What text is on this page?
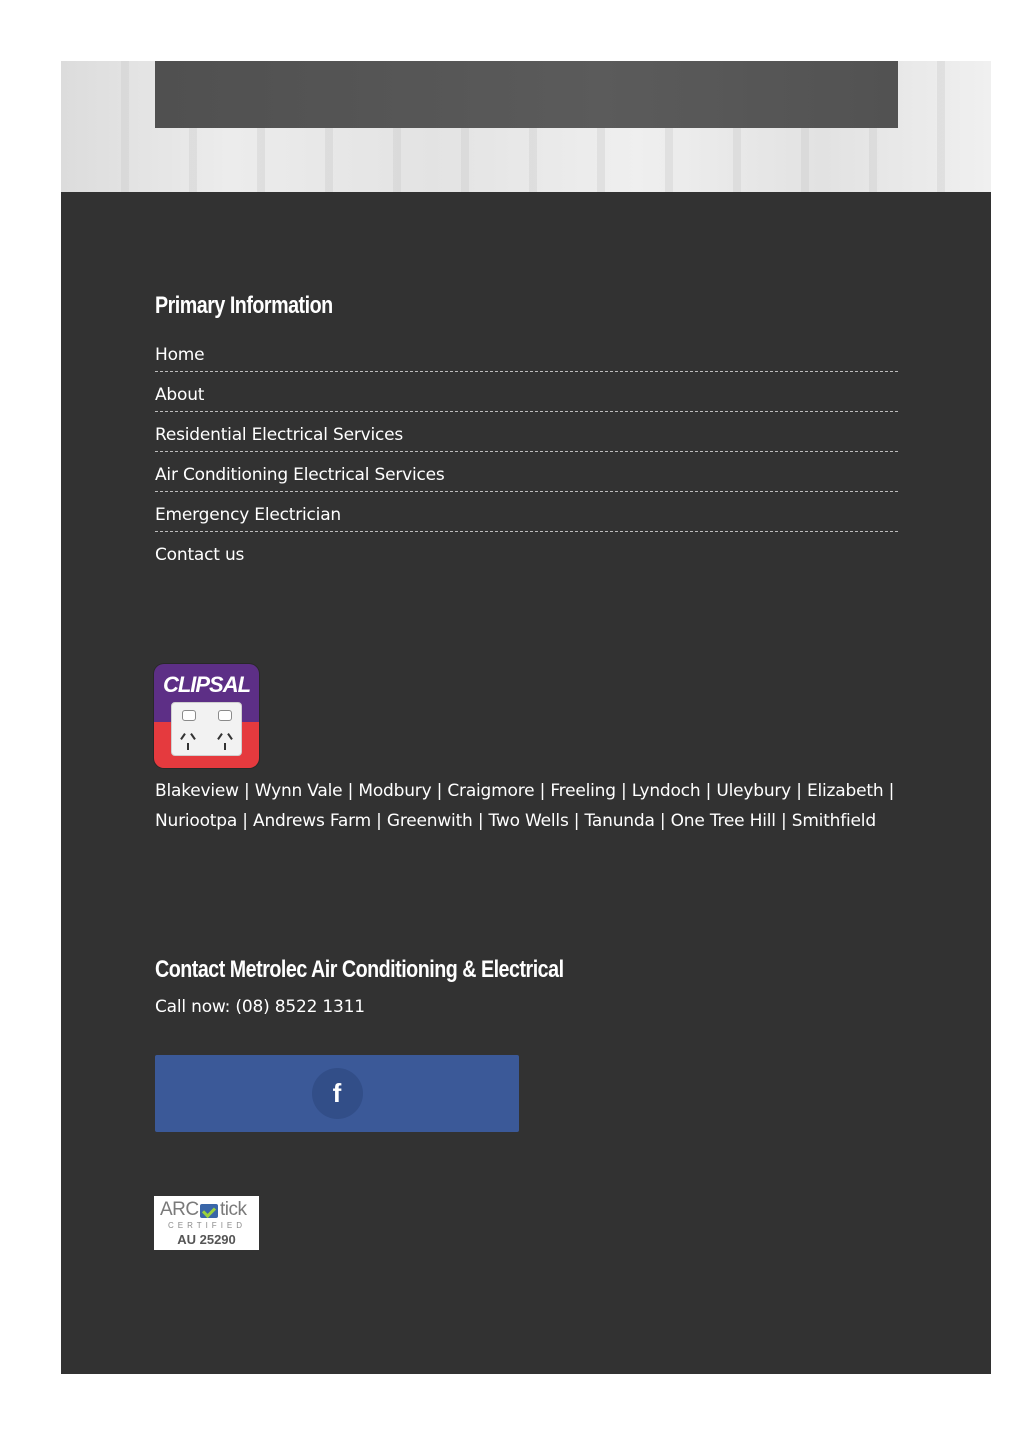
Primary Information
Home
About
Residential Electrical Services
Air Conditioning Electrical Services
Emergency Electrician
Contact us
CLIPSAL

Blakeview | Wynn Vale | Modbury | Craigmore | Freeling | Lyndoch | Uleybury | Elizabeth | Nuriootpa | Andrews Farm | Greenwith | Two Wells | Tanunda | One Tree Hill | Smithfield

Contact Metrolec Air Conditioning & Electrical

Call now: (08) 8522 1311

f
ARC tick
CERTIFIED
AU 25290
